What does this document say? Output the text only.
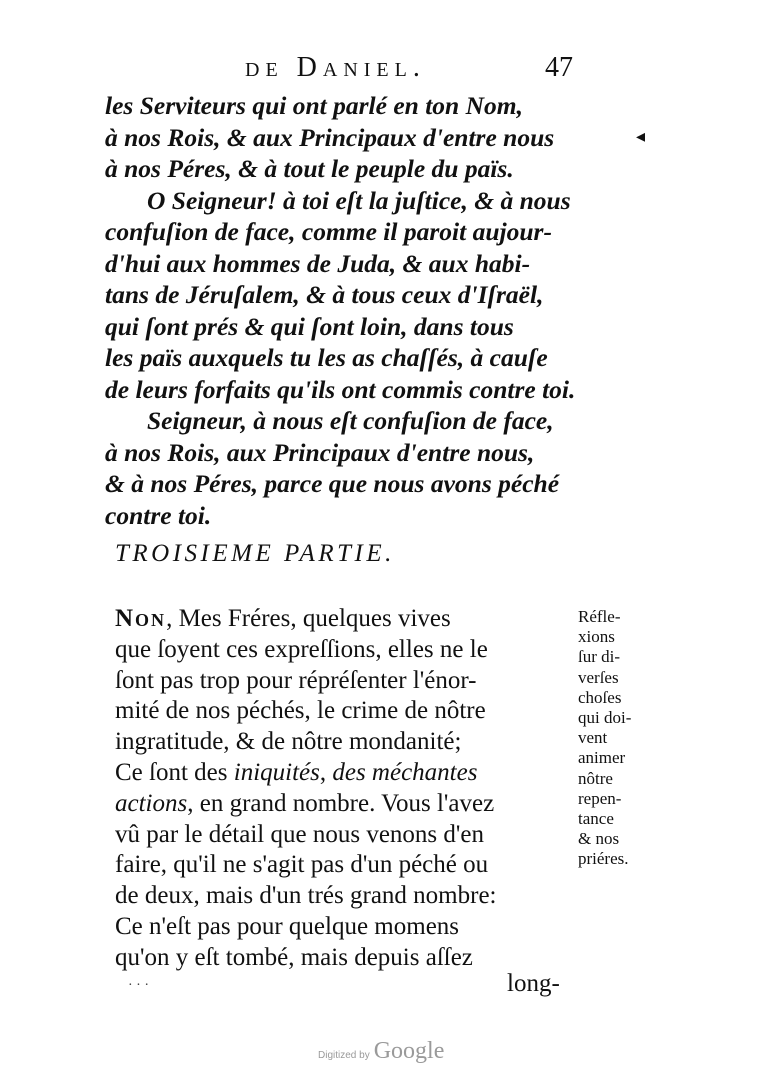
de Daniel.	47
◂
les Serviteurs qui ont parlé en ton Nom,
à nos Rois, & aux Principaux d'entre nous
à nos Péres, & à tout le peuple du païs.
O Seigneur! à toi eſt la juſtice, & à nous
confuſion de face, comme il paroit aujour-
d'hui aux hommes de Juda, & aux habi-
tans de Jéruſalem, & à tous ceux d'Iſraël,
qui ſont prés & qui ſont loin, dans tous
les païs auxquels tu les as chaſſés, à cauſe
de leurs forfaits qu'ils ont commis contre toi.
Seigneur, à nous eſt confuſion de face,
à nos Rois, aux Principaux d'entre nous,
& à nos Péres, parce que nous avons péché
contre toi.
TROISIEME PARTIE.
Non, Mes Fréres, quelques vives
que ſoyent ces expreſſions, elles ne le
ſont pas trop pour répréſenter l'énor-
mité de nos péchés, le crime de nôtre
ingratitude, & de nôtre mondanité;
Ce ſont des iniquités, des méchantes
actions, en grand nombre. Vous l'avez
vû par le détail que nous venons d'en
faire, qu'il ne s'agit pas d'un péché ou
de deux, mais d'un trés grand nombre:
Ce n'eſt pas pour quelque momens
qu'on y eſt tombé, mais depuis aſſez
Réfle-
xions
ſur di-
verſes
choſes
qui doi-
vent
animer
nôtre
repen-
tance
& nos
priéres.
· · ·	long-
Digitized by Google
